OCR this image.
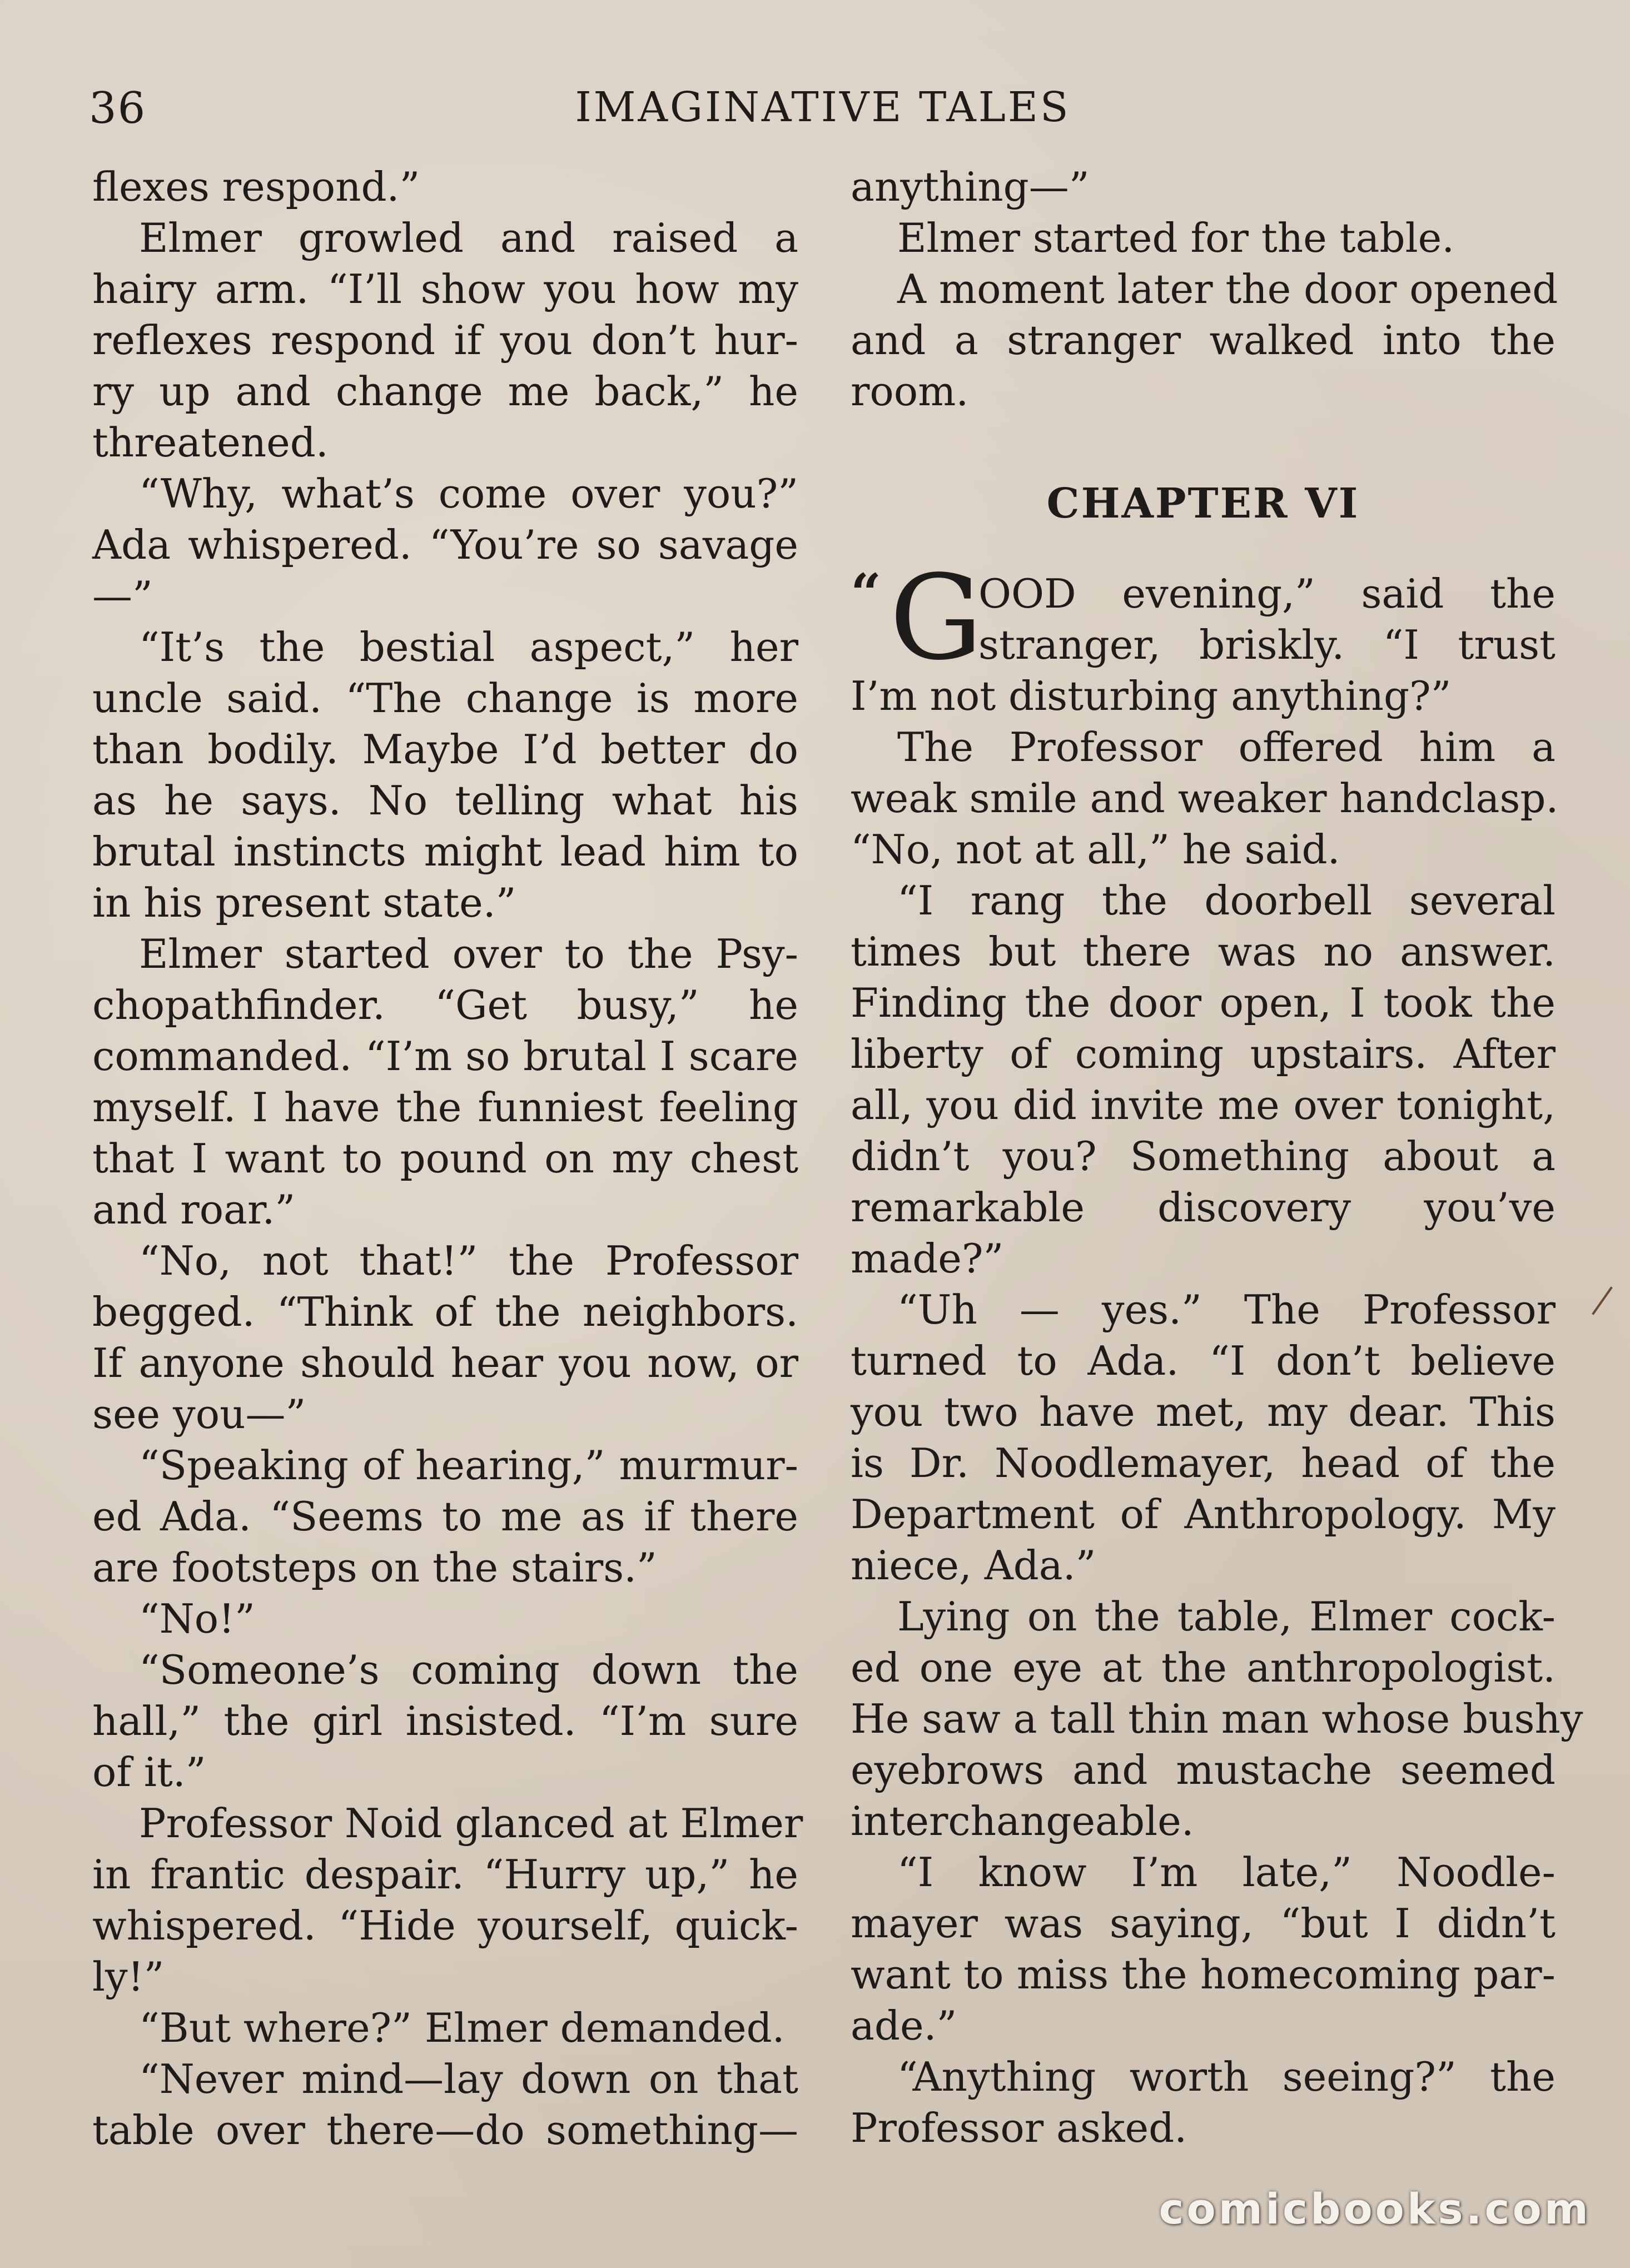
36	IMAGINATIVE TALES
flexes respond.”
Elmer growled and raised a
hairy arm. “I’ll show you how my
reflexes respond if you don’t hur-
ry up and change me back,” he
threatened.
“Why, what’s come over you?”
Ada whispered. “You’re so savage
—”
“It’s the bestial aspect,” her
uncle said. “The change is more
than bodily. Maybe I’d better do
as he says. No telling what his
brutal instincts might lead him to
in his present state.”
Elmer started over to the Psy-
chopathfinder. “Get busy,” he
commanded. “I’m so brutal I scare
myself. I have the funniest feeling
that I want to pound on my chest
and roar.”
“No, not that!” the Professor
begged. “Think of the neighbors.
If anyone should hear you now, or
see you—”
“Speaking of hearing,” murmur-
ed Ada. “Seems to me as if there
are footsteps on the stairs.”
“No!”
“Someone’s coming down the
hall,” the girl insisted. “I’m sure
of it.”
Professor Noid glanced at Elmer
in frantic despair. “Hurry up,” he
whispered. “Hide yourself, quick-
ly!”
“But where?” Elmer demanded.
“Never mind—lay down on that
table over there—do something—
anything—”
Elmer started for the table.
A moment later the door opened
and a stranger walked into the
room.
CHAPTER VI
“ G
OOD evening,” said the
stranger, briskly. “I trust
I’m not disturbing anything?”
The Professor offered him a
weak smile and weaker handclasp.
“No, not at all,” he said.
“I rang the doorbell several
times but there was no answer.
Finding the door open, I took the
liberty of coming upstairs. After
all, you did invite me over tonight,
didn’t you? Something about a
remarkable discovery you’ve
made?”
“Uh — yes.” The Professor
turned to Ada. “I don’t believe
you two have met, my dear. This
is Dr. Noodlemayer, head of the
Department of Anthropology. My
niece, Ada.”
Lying on the table, Elmer cock-
ed one eye at the anthropologist.
He saw a tall thin man whose bushy
eyebrows and mustache seemed
interchangeable.
“I know I’m late,” Noodle-
mayer was saying, “but I didn’t
want to miss the homecoming par-
ade.”
“Anything worth seeing?” the
Professor asked.
comicbooks.com
